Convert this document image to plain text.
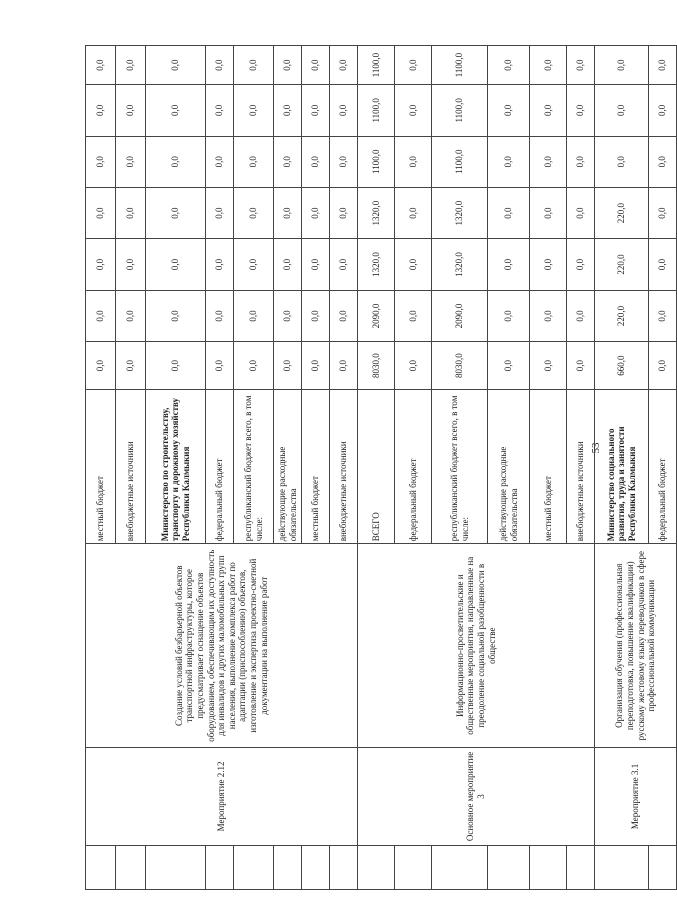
53
	Мероприятие 2.12	Создание условий безбарьерной объектов транспортной инфраструктуры, которое предусматривает оснащение объектов оборудованием, обеспечивающим их доступность для инвалидов и других маломобильных групп населения, выполнение комплекса работ по адаптации (приспособлению) объектов, изготовление и экспертиза проектно-сметной документации на выполнение работ	местный бюджет	0,0	0,0	0,0	0,0	0,0	0,0	0,0
			внебюджетные источники	0,0	0,0	0,0	0,0	0,0	0,0	0,0
			Министерство по строительству, транспорту и дорожному хозяйству Республики Калмыкия	0,0	0,0	0,0	0,0	0,0	0,0	0,0
			федеральный бюджет	0,0	0,0	0,0	0,0	0,0	0,0	0,0
			республиканский бюджет всего, в том числе:	0,0	0,0	0,0	0,0	0,0	0,0	0,0
			действующие расходные обязательства	0,0	0,0	0,0	0,0	0,0	0,0	0,0
			местный бюджет	0,0	0,0	0,0	0,0	0,0	0,0	0,0
			внебюджетные источники	0,0	0,0	0,0	0,0	0,0	0,0	0,0
	Основное мероприятие 3	Информационно-просветительские и общественные мероприятия, направленные на преодоление социальной разобщенности в обществе	ВСЕГО	8030,0	2090,0	1320,0	1320,0	1100,0	1100,0	1100,0
			федеральный бюджет	0,0	0,0	0,0	0,0	0,0	0,0	0,0
			республиканский бюджет всего, в том числе:	8030,0	2090,0	1320,0	1320,0	1100,0	1100,0	1100,0
			действующие расходные обязательства	0,0	0,0	0,0	0,0	0,0	0,0	0,0
			местный бюджет	0,0	0,0	0,0	0,0	0,0	0,0	0,0
			внебюджетные источники	0,0	0,0	0,0	0,0	0,0	0,0	0,0
	Мероприятие 3.1	Организация обучения (профессиональная переподготовка, повышение квалификации) русскому жестовому языку переводчиков в сфере профессиональной коммуникации	Министерство социального развития, труда и занятости Республики Калмыкия	660,0	220,0	220,0	220,0	0,0	0,0	0,0
			федеральный бюджет	0,0	0,0	0,0	0,0	0,0	0,0	0,0
